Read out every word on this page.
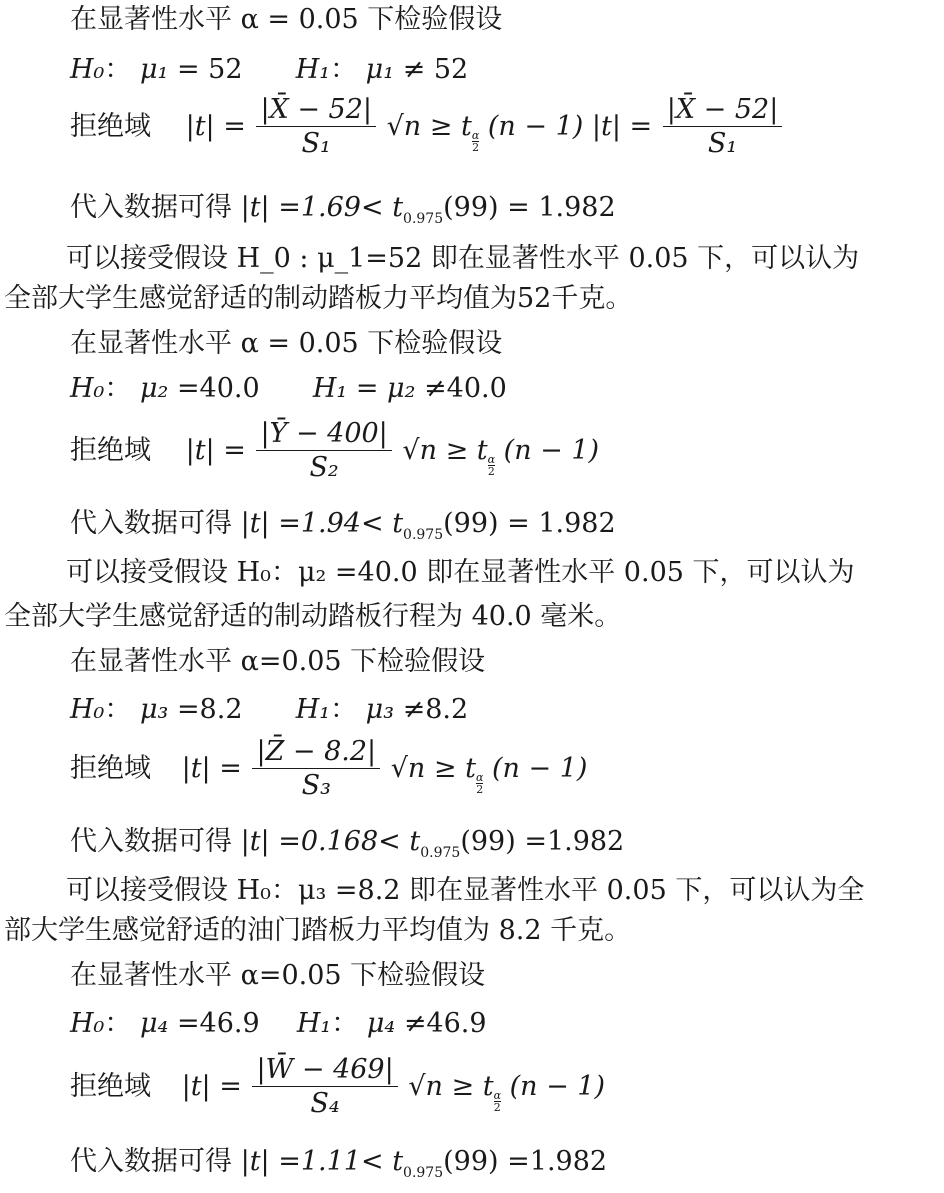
在显著性水平 α = 0.05 下检验假设
H₀： μ₁ = 52 H₁： μ₁ ≠ 52
拒绝域 $|t| = \frac{|X̄ - 52|}{\text{S₁}} √n \ge t \frac{\alpha}{2} (n - 1) |t| = \frac{|X̄ - 52|}{\text{S₁}}$
代入数据可得 $|t| =1.69< t_{0.975}(99) = 1.982$
可以接受假设 H_0 : μ_1=52 即在显著性水平 0.05 下，可以认为
全部大学生感觉舒适的制动踏板力平均值为52千克。
在显著性水平 α = 0.05 下检验假设
H₀： μ₂ =40.0 H₁ = μ₂ ≠40.0
拒绝域 $|t| = \frac{|Ȳ - 400|}{\text{S₂}} √n \ge t \frac{\alpha}{2} (n - 1)$
代入数据可得 $|t| =1.94< t_{0.975}(99) = 1.982$
可以接受假设 H₀：μ₂ =40.0 即在显著性水平 0.05 下，可以认为
全部大学生感觉舒适的制动踏板行程为 40.0 毫米。
在显著性水平 α=0.05 下检验假设
H₀： μ₃ =8.2 H₁： μ₃ ≠8.2
拒绝域 $|t| = \frac{|Z̄ - 8.2|}{\text{S₃}} √n \ge t \frac{\alpha}{2} (n - 1)$
代入数据可得 $|t| =0.168< t_{0.975}(99) =1.982$
可以接受假设 H₀：μ₃ =8.2 即在显著性水平 0.05 下，可以认为全
部大学生感觉舒适的油门踏板力平均值为 8.2 千克。
在显著性水平 α=0.05 下检验假设
H₀： μ₄ =46.9 H₁： μ₄ ≠46.9
拒绝域 $|t| = \frac{|W̄ - 469|}{\text{S₄}} √n \ge t \frac{\alpha}{2} (n - 1)$
代入数据可得 $|t| =1.11< t_{0.975}(99) =1.982$
